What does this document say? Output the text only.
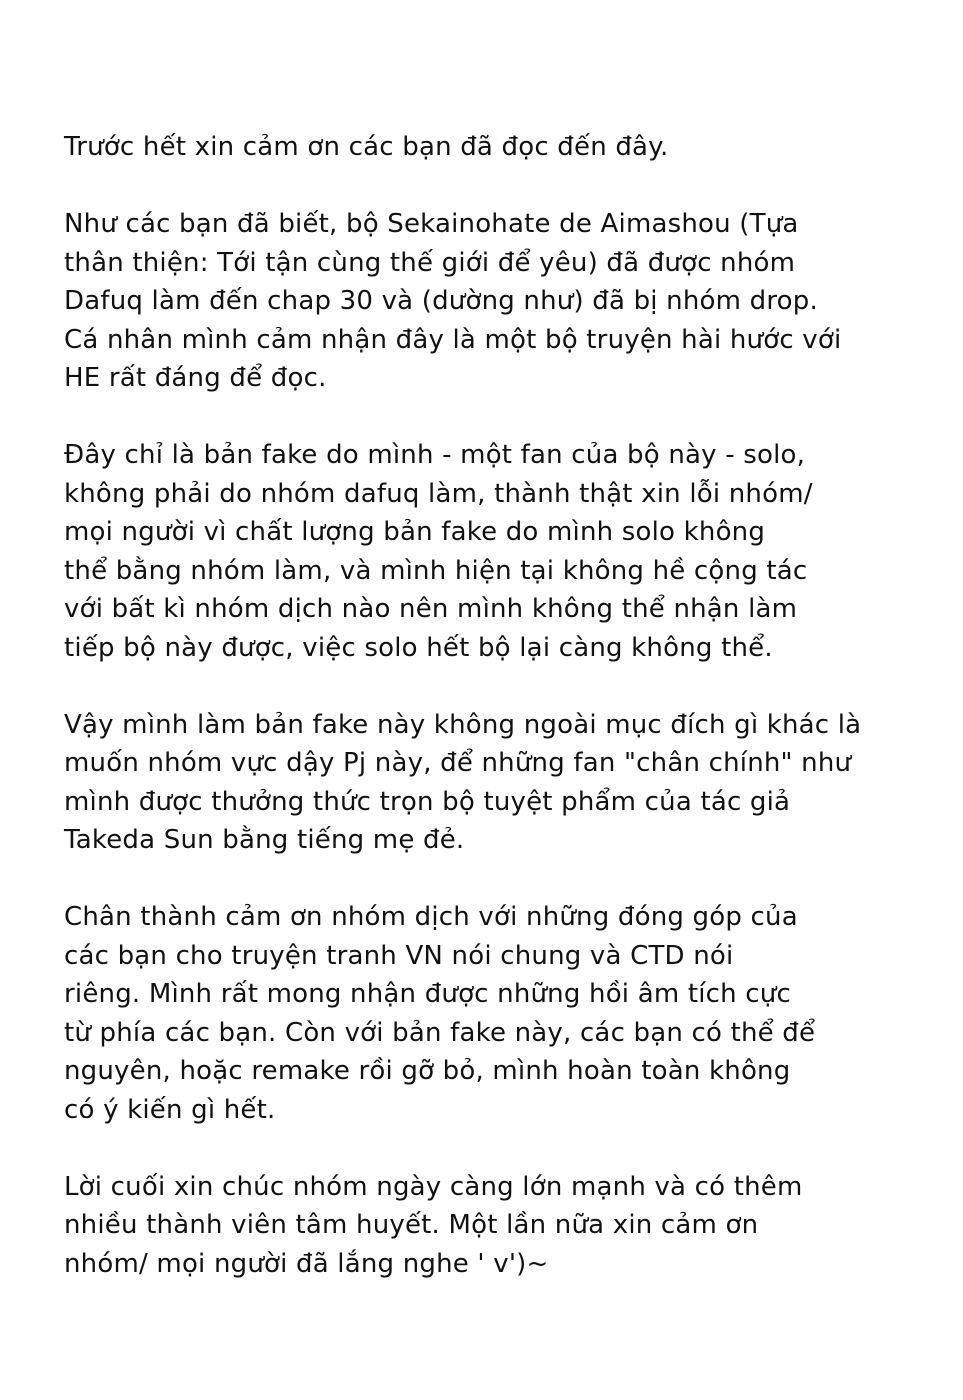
Trước hết xin cảm ơn các bạn đã đọc đến đây.
Như các bạn đã biết, bộ Sekainohate de Aimashou (Tựa
thân thiện: Tới tận cùng thế giới để yêu) đã được nhóm
Dafuq làm đến chap 30 và (dường như) đã bị nhóm drop.
Cá nhân mình cảm nhận đây là một bộ truyện hài hước với
HE rất đáng để đọc.
Đây chỉ là bản fake do mình - một fan của bộ này - solo,
không phải do nhóm dafuq làm, thành thật xin lỗi nhóm/
mọi người vì chất lượng bản fake do mình solo không
thể bằng nhóm làm, và mình hiện tại không hề cộng tác
với bất kì nhóm dịch nào nên mình không thể nhận làm
tiếp bộ này được, việc solo hết bộ lại càng không thể.
Vậy mình làm bản fake này không ngoài mục đích gì khác là
muốn nhóm vực dậy Pj này, để những fan "chân chính" như
mình được thưởng thức trọn bộ tuyệt phẩm của tác giả
Takeda Sun bằng tiếng mẹ đẻ.
Chân thành cảm ơn nhóm dịch với những đóng góp của
các bạn cho truyện tranh VN nói chung và CTD nói
riêng. Mình rất mong nhận được những hồi âm tích cực
từ phía các bạn. Còn với bản fake này, các bạn có thể để
nguyên, hoặc remake rồi gỡ bỏ, mình hoàn toàn không
có ý kiến gì hết.
Lời cuối xin chúc nhóm ngày càng lớn mạnh và có thêm
nhiều thành viên tâm huyết. Một lần nữa xin cảm ơn
nhóm/ mọi người đã lắng nghe ' v')~
